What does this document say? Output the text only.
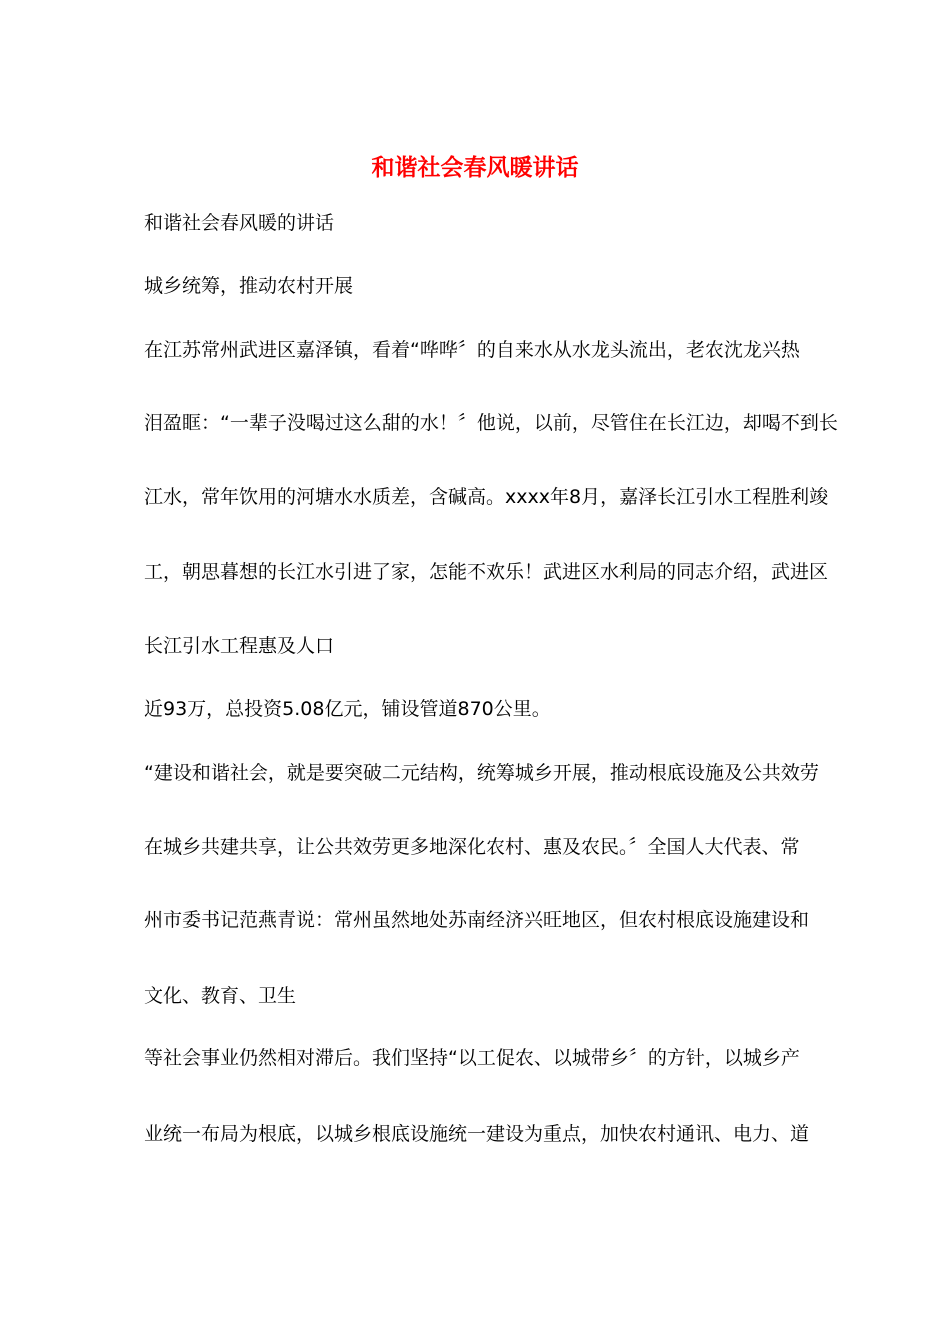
和谐社会春风暖讲话
和谐社会春风暖的讲话
城乡统筹，推动农村开展
在江苏常州武进区嘉泽镇，看着“哗哗〞的自来水从水龙头流出，老农沈龙兴热
泪盈眶：“一辈子没喝过这么甜的水！〞他说，以前，尽管住在长江边，却喝不到长
江水，常年饮用的河塘水水质差，含碱高。xxxx年8月，嘉泽长江引水工程胜利竣
工，朝思暮想的长江水引进了家，怎能不欢乐！武进区水利局的同志介绍，武进区
长江引水工程惠及人口
近93万，总投资5.08亿元，铺设管道870公里。
“建设和谐社会，就是要突破二元结构，统筹城乡开展，推动根底设施及公共效劳
在城乡共建共享，让公共效劳更多地深化农村、惠及农民。〞全国人大代表、常
州市委书记范燕青说：常州虽然地处苏南经济兴旺地区，但农村根底设施建设和
文化、教育、卫生
等社会事业仍然相对滞后。我们坚持“以工促农、以城带乡〞的方针，以城乡产
业统一布局为根底，以城乡根底设施统一建设为重点，加快农村通讯、电力、道
